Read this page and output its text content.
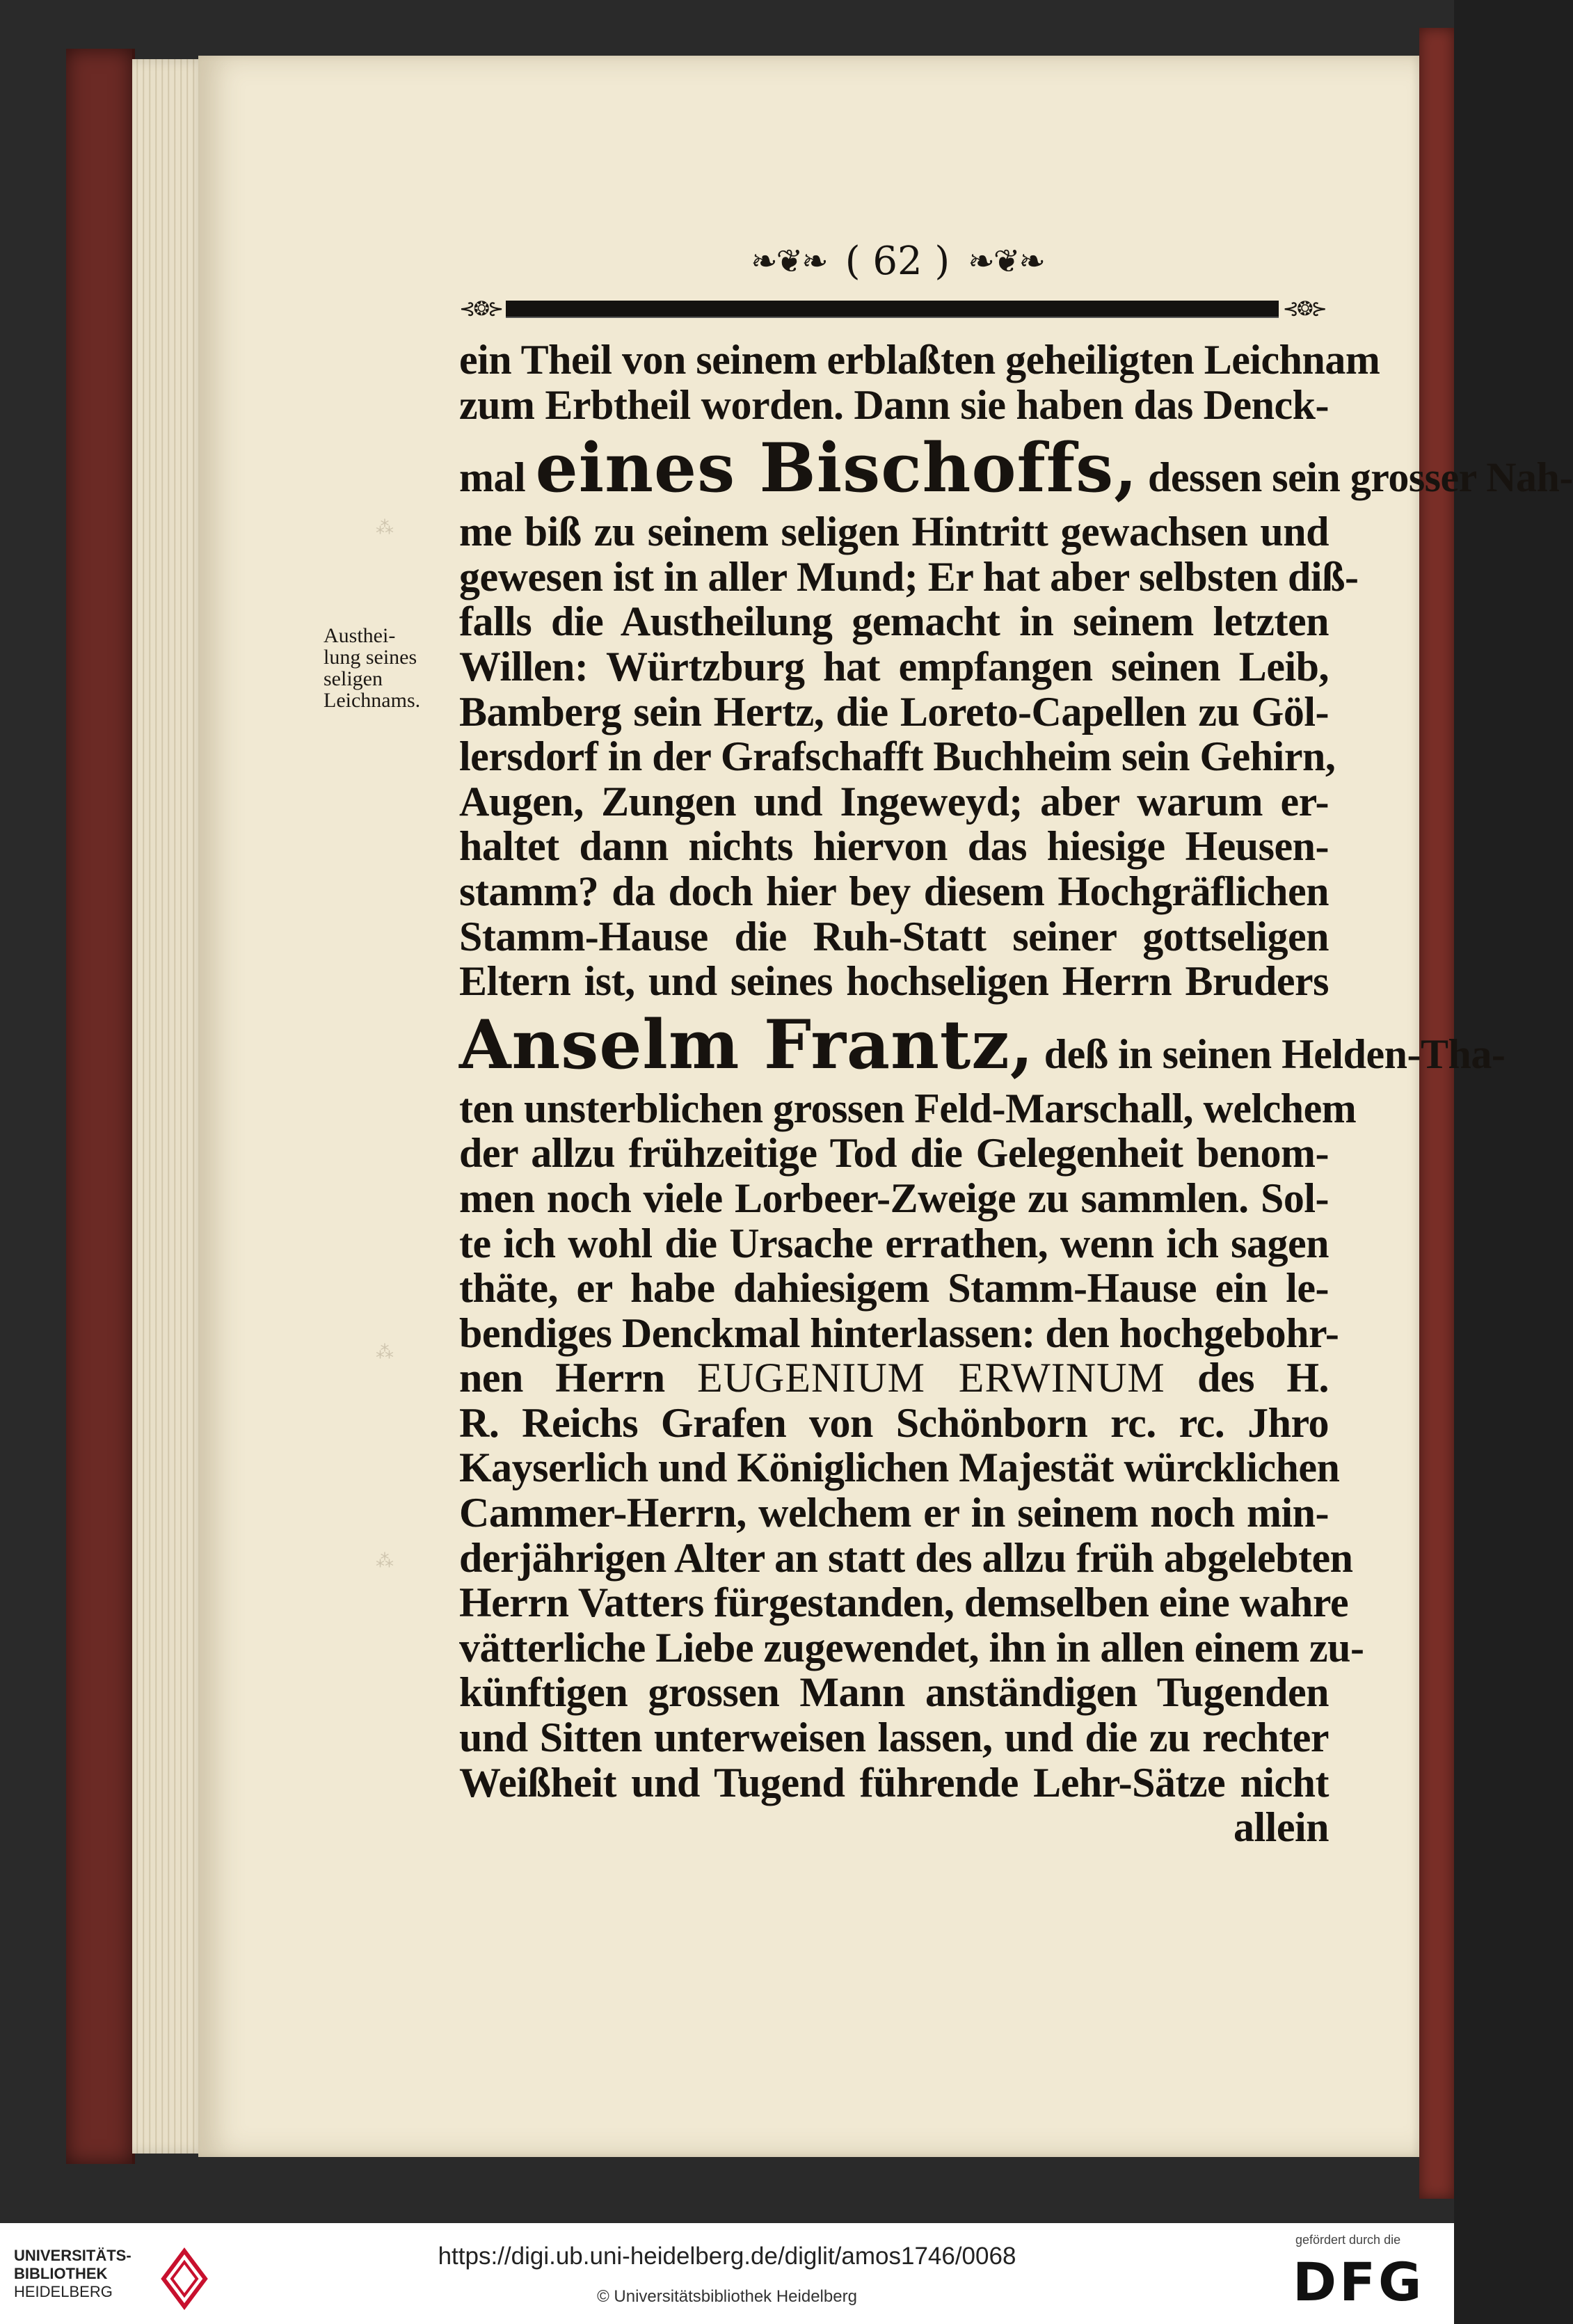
⁂
⁂
⁂
❧❦❧ ( 62 ) ❧❦❧
⊰❂⊱	⊰❂⊱
Austhei-
lung seines
seligen
Leichnams.
ein Theil von seinem erblaßten geheiligten Leichnam
zum Erbtheil worden. Dann sie haben das Denck-
mal eines Bischoffs, dessen sein grosser Nah-
me biß zu seinem seligen Hintritt gewachsen und
gewesen ist in aller Mund; Er hat aber selbsten diß-
falls die Austheilung gemacht in seinem letzten
Willen: Würtzburg hat empfangen seinen Leib,
Bamberg sein Hertz, die Loreto-Capellen zu Göl-
lersdorf in der Grafschafft Buchheim sein Gehirn,
Augen, Zungen und Ingeweyd; aber warum er-
haltet dann nichts hiervon das hiesige Heusen-
stamm? da doch hier bey diesem Hochgräflichen
Stamm-Hause die Ruh-Statt seiner gottseligen
Eltern ist, und seines hochseligen Herrn Bruders
Anselm Frantz, deß in seinen Helden-Tha-
ten unsterblichen grossen Feld-Marschall, welchem
der allzu frühzeitige Tod die Gelegenheit benom-
men noch viele Lorbeer-Zweige zu sammlen. Sol-
te ich wohl die Ursache errathen, wenn ich sagen
thäte, er habe dahiesigem Stamm-Hause ein le-
bendiges Denckmal hinterlassen: den hochgebohr-
nen Herrn EUGENIUM ERWINUM des H.
R. Reichs Grafen von Schönborn rc. rc. Jhro
Kayserlich und Königlichen Majestät würcklichen
Cammer-Herrn, welchem er in seinem noch min-
derjährigen Alter an statt des allzu früh abgelebten
Herrn Vatters fürgestanden, demselben eine wahre
vätterliche Liebe zugewendet, ihn in allen einem zu-
künftigen grossen Mann anständigen Tugenden
und Sitten unterweisen lassen, und die zu rechter
Weißheit und Tugend führende Lehr-Sätze nicht
allein
UNIVERSITÄTS-
BIBLIOTHEK
HEIDELBERG
https://digi.ub.uni-heidelberg.de/diglit/amos1746/0068
© Universitätsbibliothek Heidelberg
gefördert durch die
DFG
